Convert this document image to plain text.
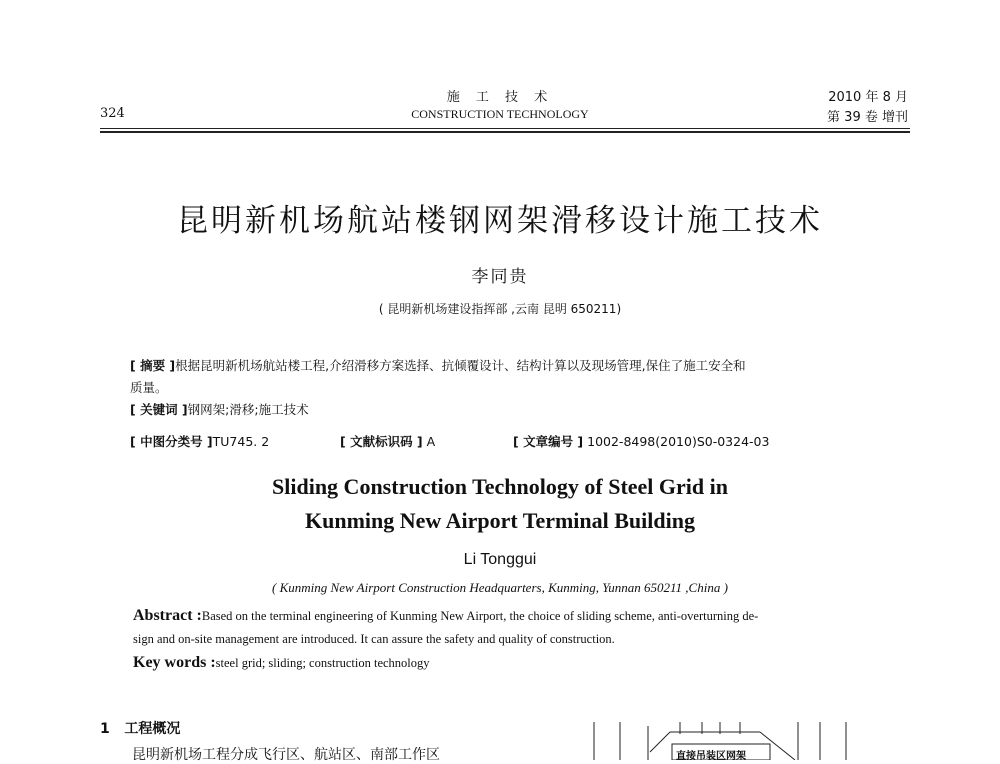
324
施 工 技 术
CONSTRUCTION TECHNOLOGY
2010 年 8 月
第 39 卷 增刊
昆明新机场航站楼钢网架滑移设计施工技术
李同贵
( 昆明新机场建设指挥部 ,云南 昆明 650211)
[ 摘要 ]根据昆明新机场航站楼工程,介绍滑移方案选择、抗倾覆设计、结构计算以及现场管理,保住了施工安全和
质量。
[ 关键词 ]钢网架;滑移;施工技术
[ 中图分类号 ]TU745. 2	[ 文献标识码 ] A	[ 文章编号 ] 1002-8498(2010)S0-0324-03
Sliding Construction Technology of Steel Grid in
Kunming New Airport Terminal Building
Li Tonggui
( Kunming New Airport Construction Headquarters, Kunming, Yunnan 650211 ,China )
Abstract :Based on the terminal engineering of Kunming New Airport, the choice of sliding scheme, anti-overturning de-
sign and on-site management are introduced. It can assure the safety and quality of construction.
Key words :steel grid; sliding; construction technology
1 工程概况
昆明新机场工程分成飞行区、航站区、南部工作区	直接吊装区网架
